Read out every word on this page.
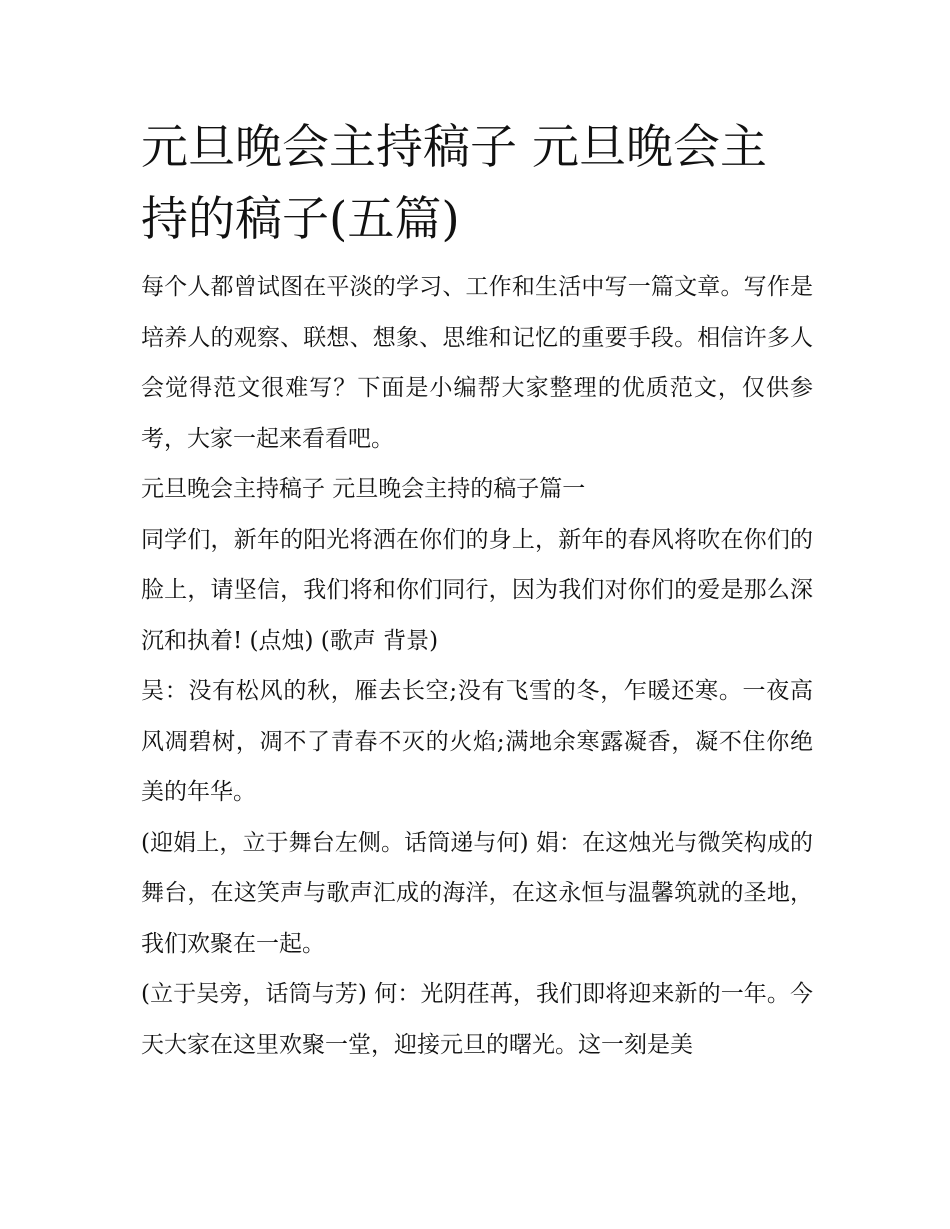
元旦晚会主持稿子 元旦晚会主持的稿子(五篇)

每个人都曾试图在平淡的学习、工作和生活中写一篇文章。写作是培养人的观察、联想、想象、思维和记忆的重要手段。相信许多人会觉得范文很难写？下面是小编帮大家整理的优质范文，仅供参考，大家一起来看看吧。

元旦晚会主持稿子 元旦晚会主持的稿子篇一

同学们，新年的阳光将洒在你们的身上，新年的春风将吹在你们的脸上，请坚信，我们将和你们同行，因为我们对你们的爱是那么深沉和执着! (点烛) (歌声 背景)

吴：没有松风的秋，雁去长空;没有飞雪的冬，乍暖还寒。一夜高风凋碧树，凋不了青春不灭的火焰;满地余寒露凝香，凝不住你绝美的年华。

(迎娟上，立于舞台左侧。话筒递与何) 娟：在这烛光与微笑构成的舞台，在这笑声与歌声汇成的海洋，在这永恒与温馨筑就的圣地，我们欢聚在一起。

(立于吴旁，话筒与芳) 何：光阴荏苒，我们即将迎来新的一年。今天大家在这里欢聚一堂，迎接元旦的曙光。这一刻是美
